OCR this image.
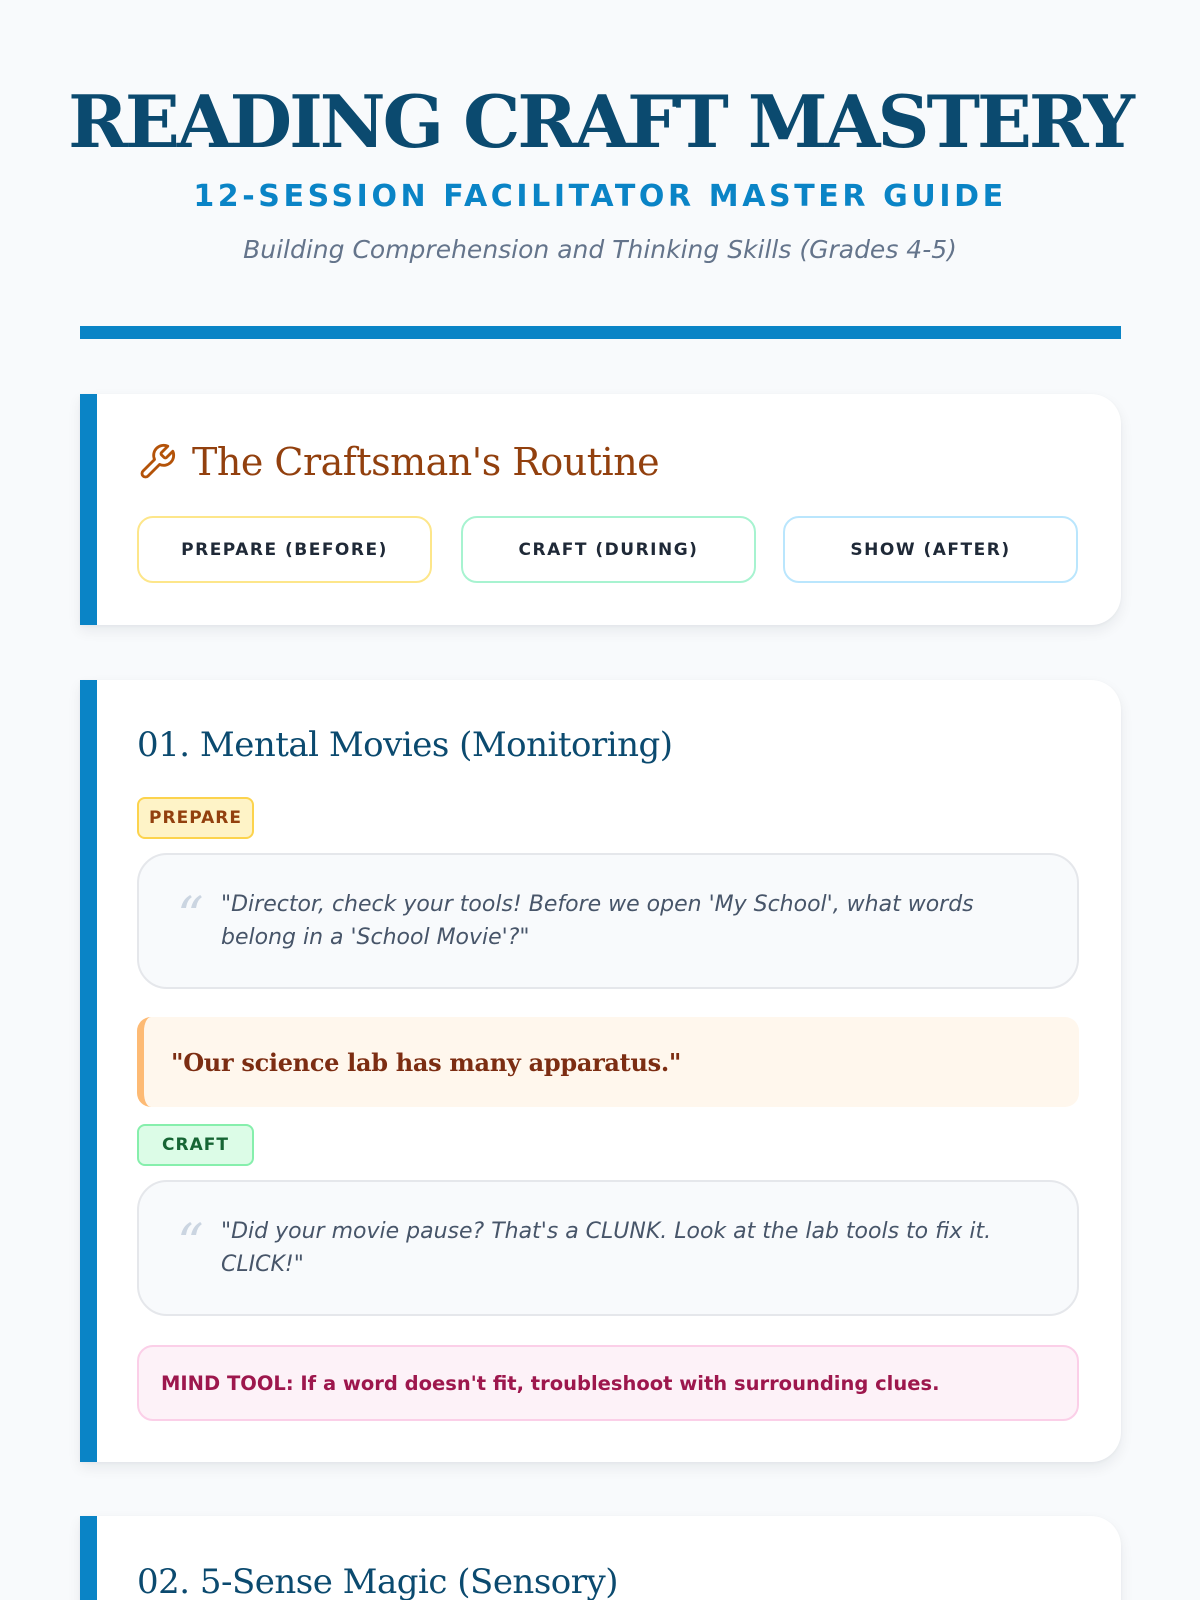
READING CRAFT MASTERY

12-SESSION FACILITATOR MASTER GUIDE

Building Comprehension and Thinking Skills (Grades 4-5)

The Craftsman's Routine
PREPARE (BEFORE)	CRAFT (DURING)	SHOW (AFTER)
01. Mental Movies (Monitoring)
PREPARE
“ "Director, check your tools! Before we open 'My School', what words belong in a 'School Movie'?"

"Our science lab has many apparatus."
CRAFT
“ "Did your movie pause? That's a CLUNK. Look at the lab tools to fix it. CLICK!"

MIND TOOL: If a word doesn't fit, troubleshoot with surrounding clues.
02. 5-Sense Magic (Sensory)
